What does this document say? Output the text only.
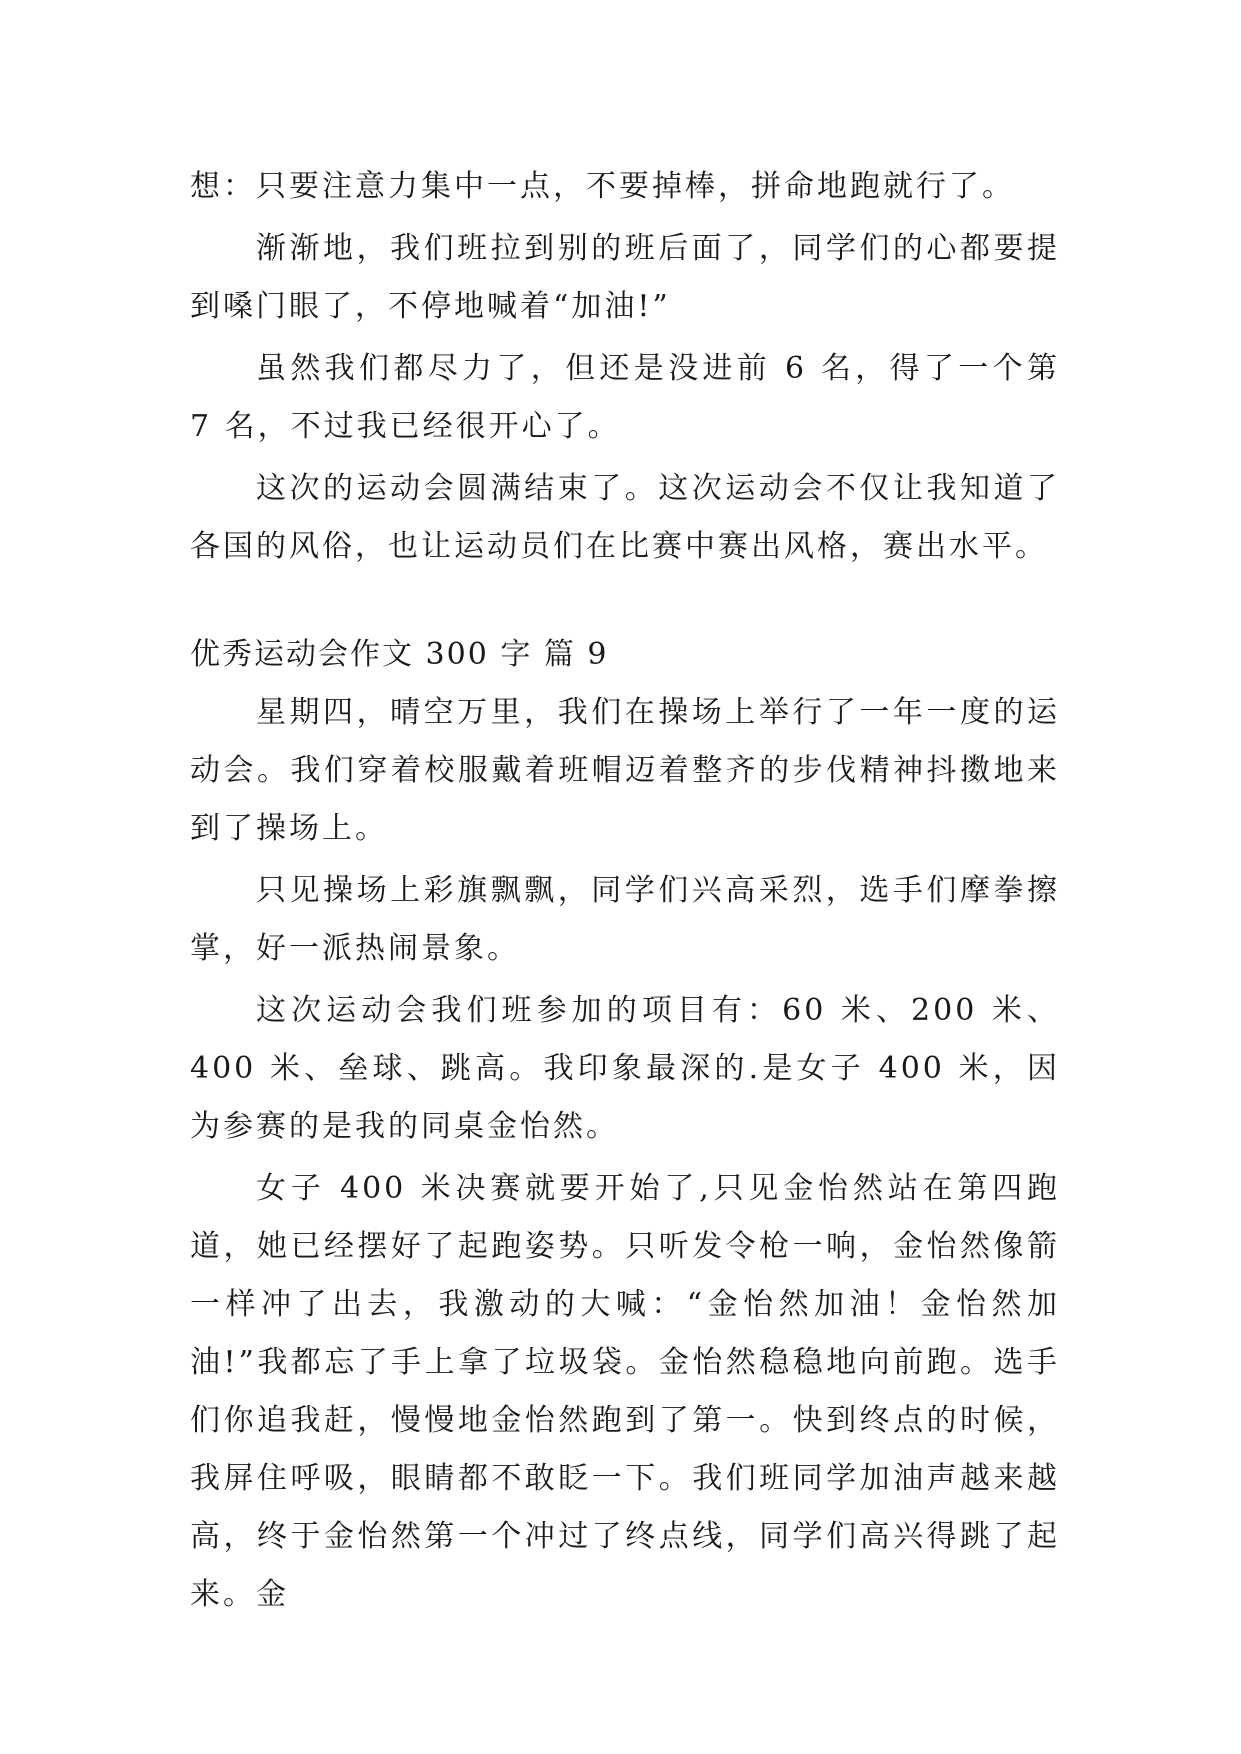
想：只要注意力集中一点，不要掉棒，拼命地跑就行了。

渐渐地，我们班拉到别的班后面了，同学们的心都要提到嗓门眼了，不停地喊着“加油!”

虽然我们都尽力了，但还是没进前 6 名，得了一个第 7 名，不过我已经很开心了。

这次的运动会圆满结束了。这次运动会不仅让我知道了各国的风俗，也让运动员们在比赛中赛出风格，赛出水平。

优秀运动会作文 300 字 篇 9

星期四，晴空万里，我们在操场上举行了一年一度的运动会。我们穿着校服戴着班帽迈着整齐的步伐精神抖擞地来到了操场上。

只见操场上彩旗飘飘，同学们兴高采烈，选手们摩拳擦掌，好一派热闹景象。

这次运动会我们班参加的项目有：60 米、200 米、400 米、垒球、跳高。我印象最深的.是女子 400 米，因为参赛的是我的同桌金怡然。

女子 400 米决赛就要开始了,只见金怡然站在第四跑道，她已经摆好了起跑姿势。只听发令枪一响，金怡然像箭一样冲了出去，我激动的大喊：“金怡然加油！金怡然加油!”我都忘了手上拿了垃圾袋。金怡然稳稳地向前跑。选手们你追我赶，慢慢地金怡然跑到了第一。快到终点的时候，我屏住呼吸，眼睛都不敢眨一下。我们班同学加油声越来越高，终于金怡然第一个冲过了终点线，同学们高兴得跳了起来。金
